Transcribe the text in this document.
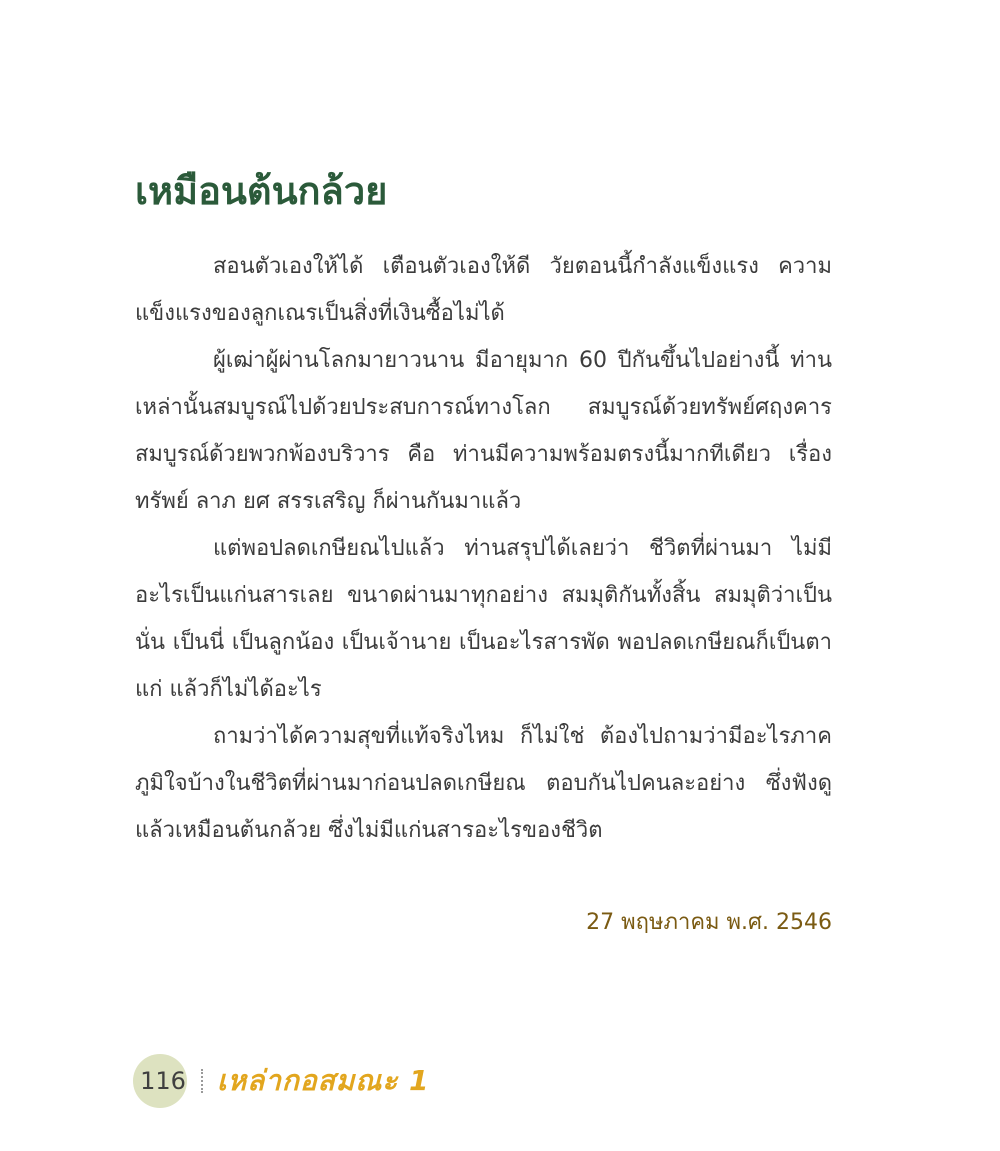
เหมือนต้นกล้วย

สอนตัวเองให้ได้ เตือนตัวเองให้ดี วัยตอนนี้กำลังแข็งแรง ความแข็งแรงของลูกเณรเป็นสิ่งที่เงินซื้อไม่ได้

ผู้เฒ่าผู้ผ่านโลกมายาวนาน มีอายุมาก 60 ปีกันขึ้นไปอย่างนี้ ท่านเหล่านั้นสมบูรณ์ไปด้วยประสบการณ์ทางโลก สมบูรณ์ด้วยทรัพย์ศฤงคาร สมบูรณ์ด้วยพวกพ้องบริวาร คือ ท่านมีความพร้อมตรงนี้มากทีเดียว เรื่องทรัพย์ ลาภ ยศ สรรเสริญ ก็ผ่านกันมาแล้ว

แต่พอปลดเกษียณไปแล้ว ท่านสรุปได้เลยว่า ชีวิตที่ผ่านมา ไม่มีอะไรเป็นแก่นสารเลย ขนาดผ่านมาทุกอย่าง สมมุติกันทั้งสิ้น สมมุติว่าเป็นนั่น เป็นนี่ เป็นลูกน้อง เป็นเจ้านาย เป็นอะไรสารพัด พอปลดเกษียณก็เป็นตาแก่ แล้วก็ไม่ได้อะไร

ถามว่าได้ความสุขที่แท้จริงไหม ก็ไม่ใช่ ต้องไปถามว่ามีอะไรภาคภูมิใจบ้างในชีวิตที่ผ่านมาก่อนปลดเกษียณ ตอบกันไปคนละอย่าง ซึ่งฟังดูแล้วเหมือนต้นกล้วย ซึ่งไม่มีแก่นสารอะไรของชีวิต

27 พฤษภาคม พ.ศ. 2546
116 เหล่ากอสมณะ 1
